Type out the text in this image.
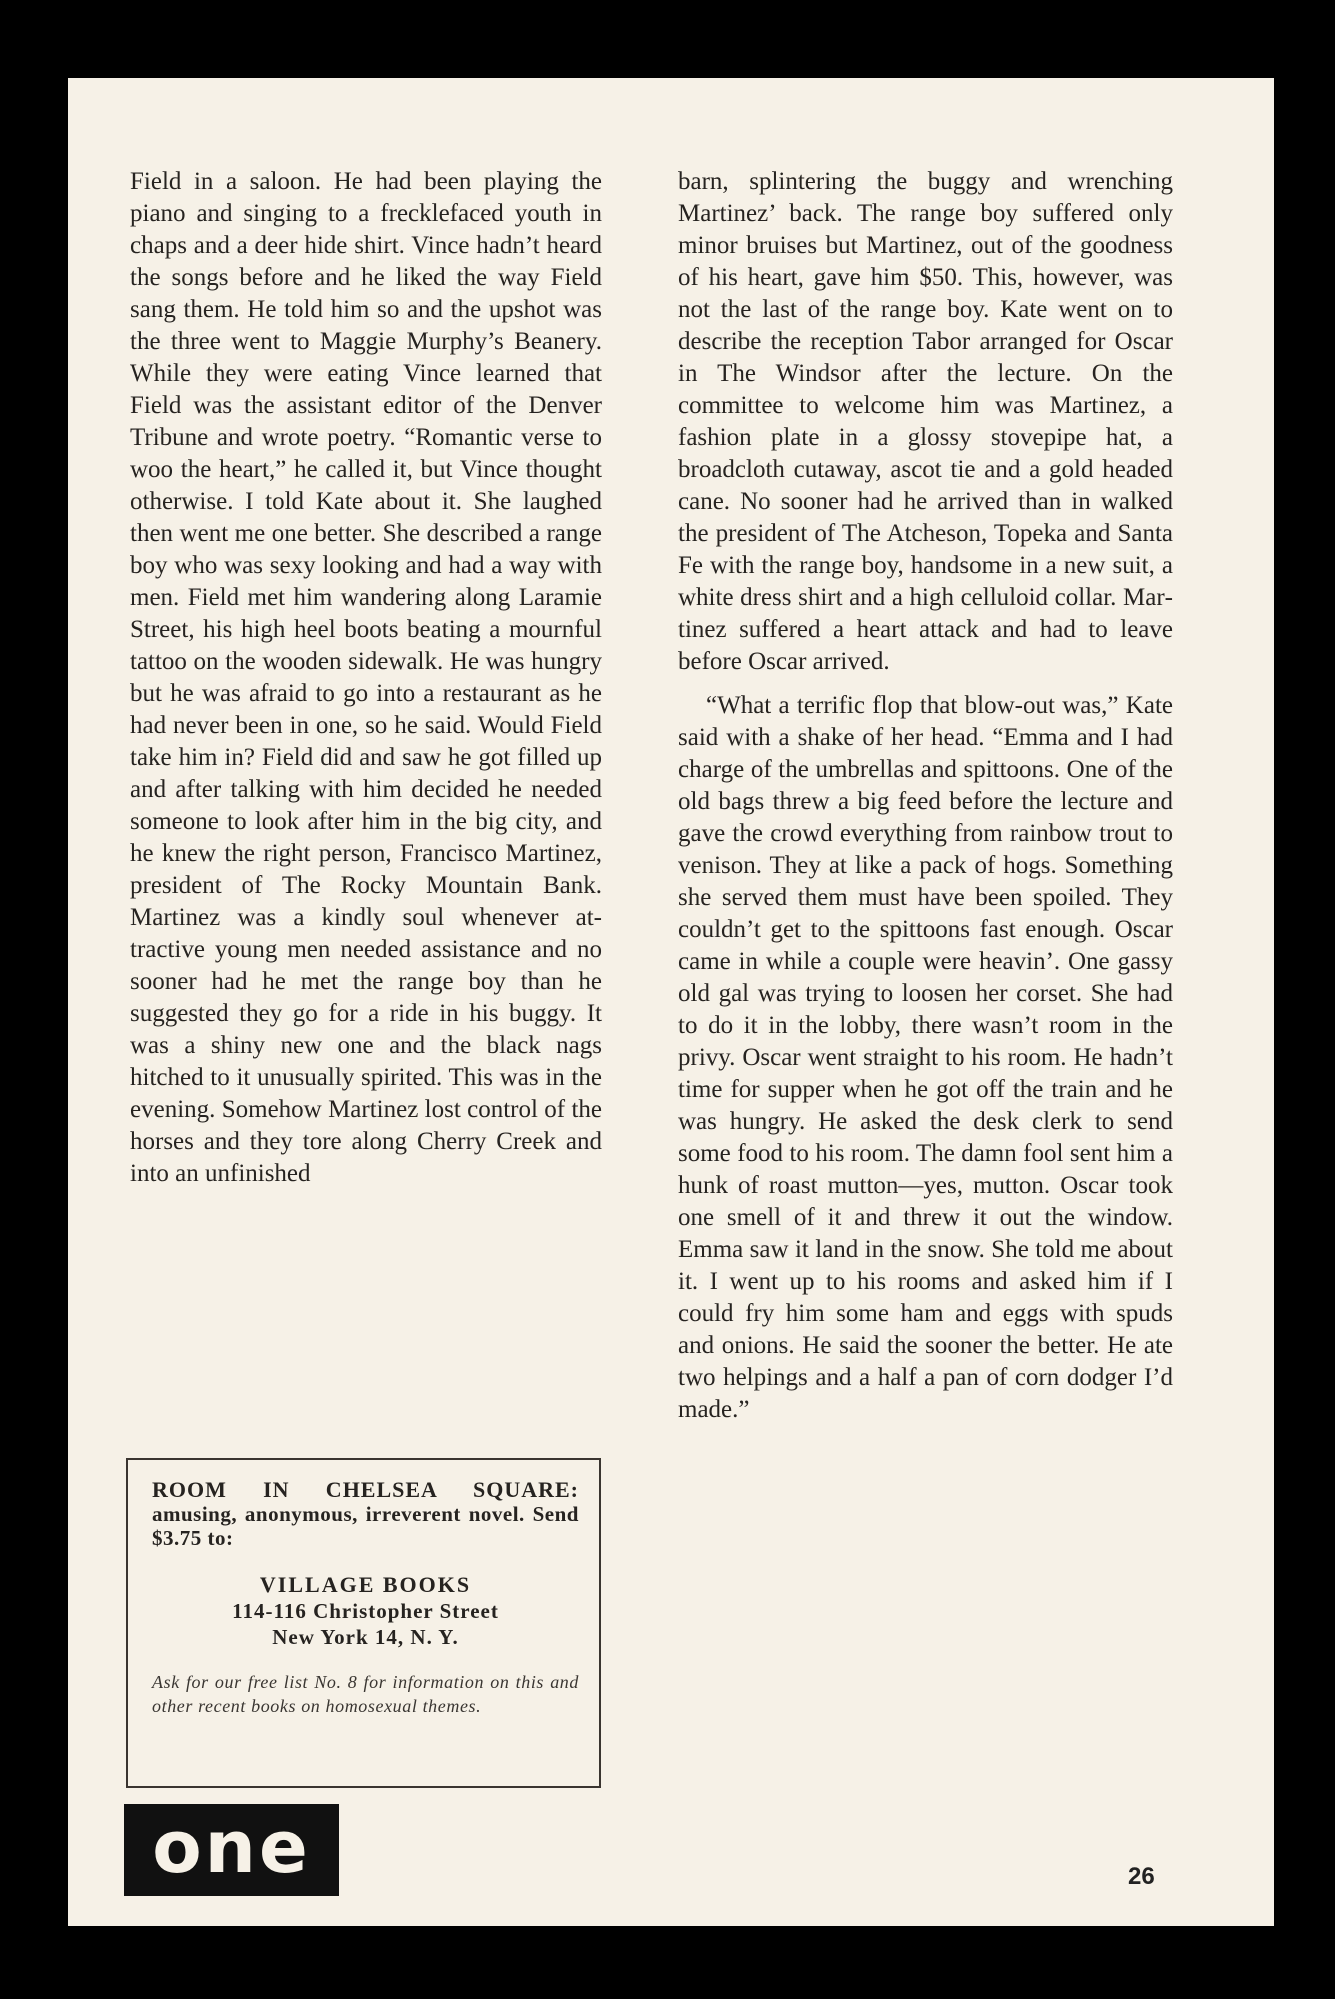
Field in a saloon. He had been playing the piano and singing to a frecklefaced youth in chaps and a deer hide shirt. Vince hadn’t heard the songs before and he liked the way Field sang them. He told him so and the upshot was the three went to Maggie Murphy’s Beanery. While they were eating Vince learned that Field was the assistant editor of the Denver Tribune and wrote poetry. “Romantic verse to woo the heart,” he called it, but Vince thought otherwise. I told Kate about it. She laughed then went me one better. She described a range boy who was sexy looking and had a way with men. Field met him wandering along Laramie Street, his high heel boots beating a mournful tattoo on the wooden sidewalk. He was hungry but he was afraid to go into a restaurant as he had never been in one, so he said. Would Field take him in? Field did and saw he got filled up and after talking with him decided he needed someone to look after him in the big city, and he knew the right person, Francisco Martinez, president of The Rocky Mountain Bank. Martinez was a kindly soul whenever attractive young men needed assistance and no sooner had he met the range boy than he suggested they go for a ride in his buggy. It was a shiny new one and the black nags hitched to it unusually spirited. This was in the evening. Somehow Martinez lost control of the horses and they tore along Cherry Creek and into an unfinished

barn, splintering the buggy and wrenching Martinez’ back. The range boy suffered only minor bruises but Martinez, out of the goodness of his heart, gave him $50. This, however, was not the last of the range boy. Kate went on to describe the reception Tabor arranged for Oscar in The Windsor after the lecture. On the committee to welcome him was Martinez, a fashion plate in a glossy stovepipe hat, a broadcloth cutaway, ascot tie and a gold headed cane. No sooner had he arrived than in walked the president of The Atcheson, Topeka and Santa Fe with the range boy, handsome in a new suit, a white dress shirt and a high celluloid collar. Martinez suffered a heart attack and had to leave before Oscar arrived.

“What a terrific flop that blow-out was,” Kate said with a shake of her head. “Emma and I had charge of the umbrellas and spittoons. One of the old bags threw a big feed before the lecture and gave the crowd everything from rainbow trout to venison. They at like a pack of hogs. Something she served them must have been spoiled. They couldn’t get to the spittoons fast enough. Oscar came in while a couple were heavin’. One gassy old gal was trying to loosen her corset. She had to do it in the lobby, there wasn’t room in the privy. Oscar went straight to his room. He hadn’t time for supper when he got off the train and he was hungry. He asked the desk clerk to send some food to his room. The damn fool sent him a hunk of roast mutton—yes, mutton. Oscar took one smell of it and threw it out the window. Emma saw it land in the snow. She told me about it. I went up to his rooms and asked him if I could fry him some ham and eggs with spuds and onions. He said the sooner the better. He ate two helpings and a half a pan of corn dodger I’d made.”

ROOM IN CHELSEA SQUARE: amusing, anonymous, irreverent novel. Send $3.75 to:

VILLAGE BOOKS
114-116 Christopher Street
New York 14, N. Y.
Ask for our free list No. 8 for information on this and other recent books on homosexual themes.
one	26
